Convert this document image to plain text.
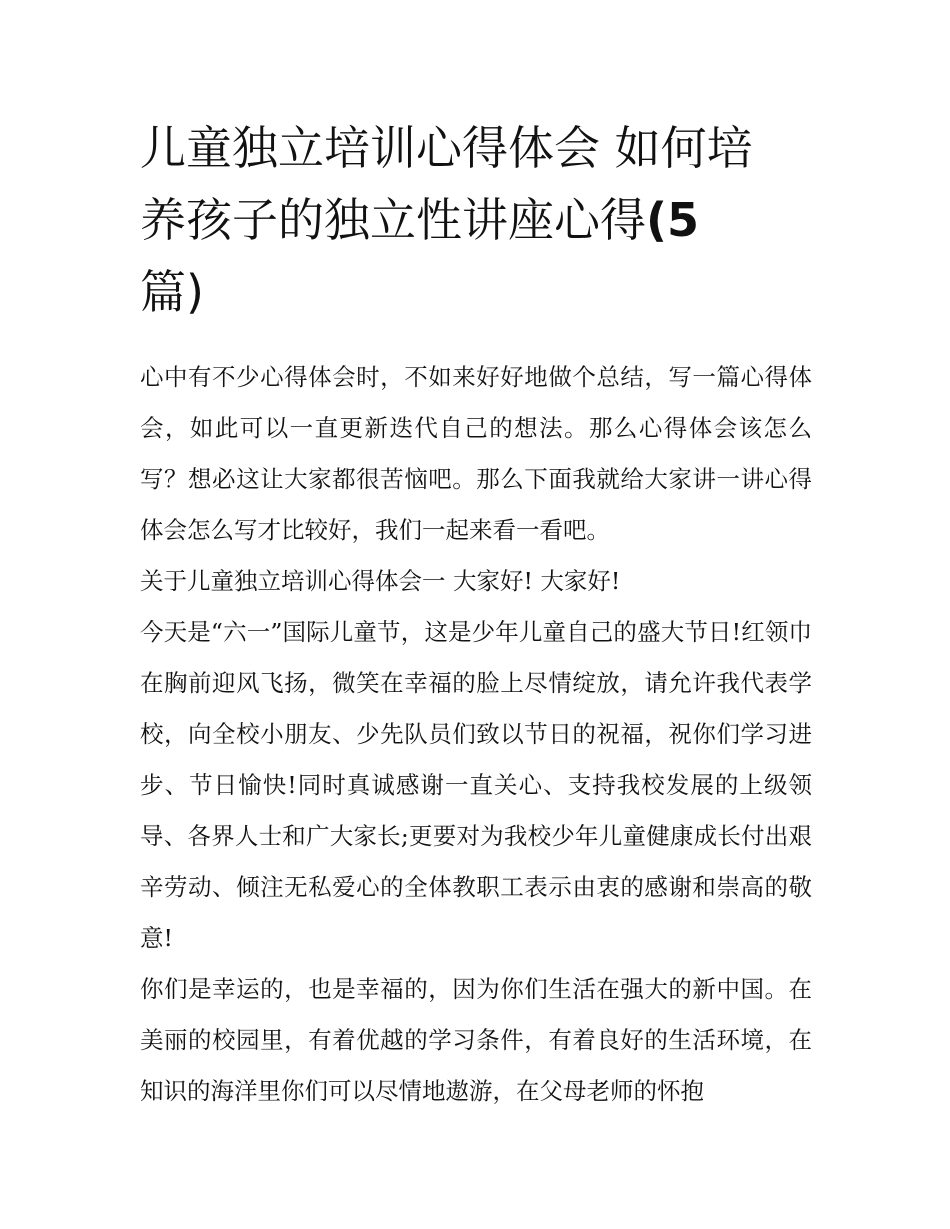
儿童独立培训心得体会 如何培
养孩子的独立性讲座心得(5
篇)

心中有不少心得体会时，不如来好好地做个总结，写一篇心得体会，如此可以一直更新迭代自己的想法。那么心得体会该怎么写？想必这让大家都很苦恼吧。那么下面我就给大家讲一讲心得体会怎么写才比较好，我们一起来看一看吧。

关于儿童独立培训心得体会一 大家好! 大家好!

今天是“六一”国际儿童节，这是少年儿童自己的盛大节日!红领巾在胸前迎风飞扬，微笑在幸福的脸上尽情绽放，请允许我代表学校，向全校小朋友、少先队员们致以节日的祝福，祝你们学习进步、节日愉快!同时真诚感谢一直关心、支持我校发展的上级领导、各界人士和广大家长;更要对为我校少年儿童健康成长付出艰辛劳动、倾注无私爱心的全体教职工表示由衷的感谢和崇高的敬意!

你们是幸运的，也是幸福的，因为你们生活在强大的新中国。在美丽的校园里，有着优越的学习条件，有着良好的生活环境，在知识的海洋里你们可以尽情地遨游，在父母老师的怀抱
